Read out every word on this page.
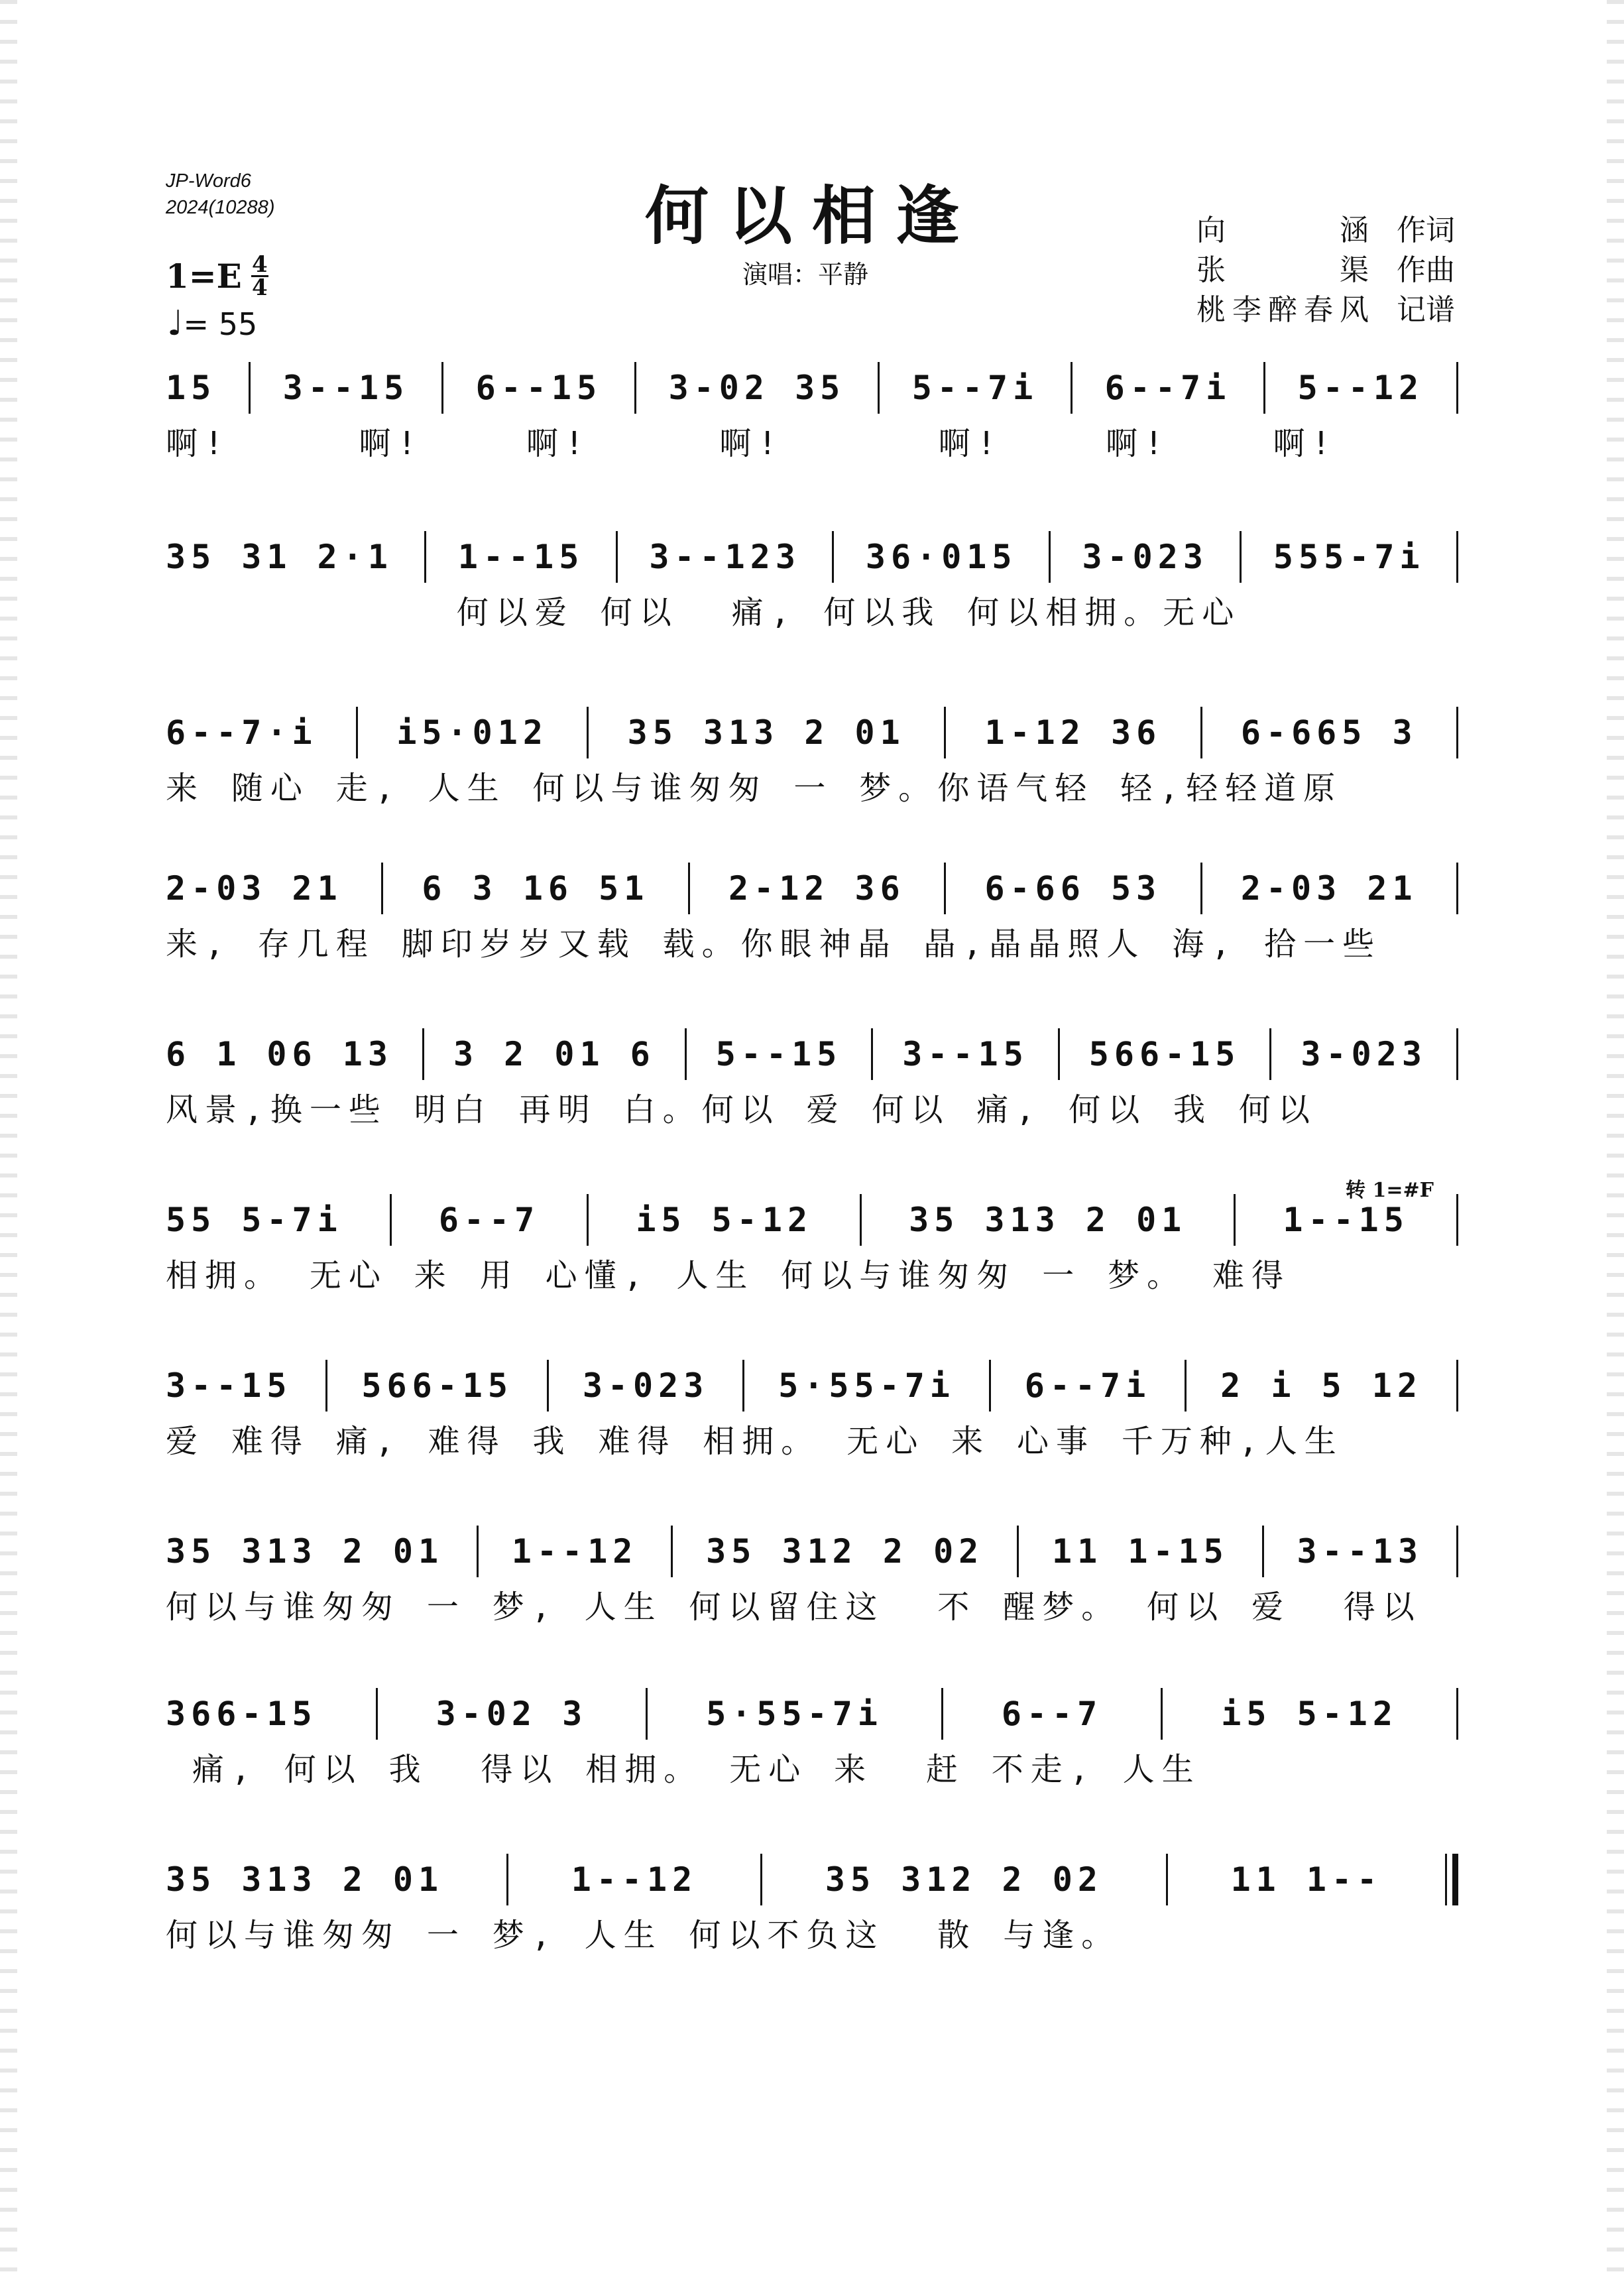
JP-Word6
2024(10288)	何以相逢
演唱：平静
向	涵 作词
张	渠 作曲
桃 李 醉 春 风 记谱
$1=E \frac{4}{4}$
♩= 55
转 1=#F
15 3--15 6--15 3-02 35 5--7i 6--7i 5--12
啊!     啊!    啊!     啊!      啊!    啊!    啊!
35 31 2·1 1--15 3--123 36·015 3-023 555-7i
何以爱 何以  痛, 何以我 何以相拥。无心
6--7·i i5·012 35 313 2 01 1-12 36 6-665 3
来 随心 走, 人生 何以与谁匆匆 一 梦。你语气轻 轻,轻轻道原
2-03 21 6 3 16 51 2-12 36 6-66 53 2-03 21
来, 存几程 脚印岁岁又载 载。你眼神晶 晶,晶晶照人 海, 拾一些
6 1 06 13 3 2 01 6 5--15 3--15 566-15 3-023
风景,换一些 明白 再明 白。何以 爱 何以 痛, 何以 我 何以
55 5-7i	6--7	i5 5-12	35 313 2 01	1--15
相拥。 无心 来 用 心懂, 人生 何以与谁匆匆 一 梦。 难得
3--15 566-15 3-023 5·55-7i 6--7i 2 i 5 12
爱 难得 痛, 难得 我 难得 相拥。 无心 来 心事 千万种,人生
35 313 2 01 1--12 35 312 2 02 11 1-15 3--13
何以与谁匆匆 一 梦, 人生 何以留住这  不 醒梦。 何以 爱  得以
366-15	3-02 3	5·55-7i	6--7	i5 5-12
痛, 何以 我  得以 相拥。 无心 来  赶 不走, 人生
35 313 2 01	1--12	35 312 2 02	11 1--
何以与谁匆匆 一 梦, 人生 何以不负这  散 与逢。
